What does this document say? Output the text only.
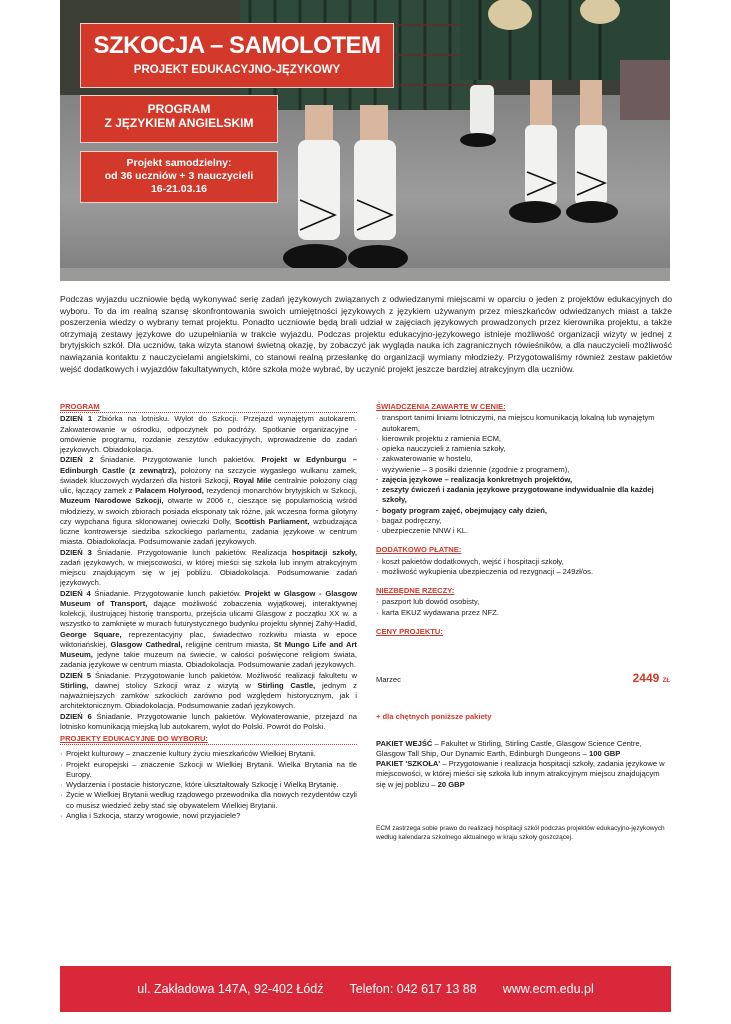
SZKOCJA – SAMOLOTEM
PROJEKT EDUKACYJNO-JĘZYKOWY
PROGRAM
Z JĘZYKIEM ANGIELSKIM
Projekt samodzielny:
od 36 uczniów + 3 nauczycieli
16-21.03.16
Podczas wyjazdu uczniowie będą wykonywać serię zadań językowych związanych z odwiedzanymi miejscami w oparciu o jeden z projektów edukacyjnych do wyboru. To da im realną szansę skonfrontowania swoich umiejętności językowych z językiem używanym przez mieszkańców odwiedzanych miast a także poszerzenia wiedzy o wybrany temat projektu. Ponadto uczniowie będą brali udział w zajęciach językowych prowadzonych przez kierownika projektu, a także otrzymają zestawy językowe do uzupełniania w trakcie wyjazdu. Podczas projektu edukacyjno-językowego istnieje możliwość organizacji wizyty w jednej z brytyjskich szkół. Dla uczniów, taka wizyta stanowi świetną okazję, by zobaczyć jak wygląda nauka ich zagranicznych rówieśników, a dla nauczycieli możliwość nawiązania kontaktu z nauczycielami angielskimi, co stanowi realną przesłankę do organizacji wymiany młodzieży. Przygotowaliśmy również zestaw pakietów wejść dodatkowych i wyjazdów fakultatywnych, które szkoła może wybrać, by uczynić projekt jeszcze bardziej atrakcyjnym dla uczniów.
PROGRAM

DZIEŃ 1 Zbiórka na lotnisku. Wylot do Szkocji. Przejazd wynajętym autokarem. Zakwaterowanie w ośrodku, odpoczynek po podróży. Spotkanie organizacyjne - omówienie programu, rozdanie zeszytów edukacyjnych, wprowadzenie do zadań językowych. Obiadokolacja.

DZIEŃ 2 Śniadanie. Przygotowanie lunch pakietów. Projekt w Edynburgu – Edinburgh Castle (z zewnątrz), położony na szczycie wygasłego wulkanu zamek, świadek kluczowych wydarzeń dla historii Szkocji, Royal Mile centralnie położony ciąg ulic, łączący zamek z Pałacem Holyrood, rezydencji monarchów brytyjskich w Szkocji, Muzeum Narodowe Szkocji, otwarte w 2006 r., cieszące się popularnością wśród młodzieży, w swoich zbiorach posiada eksponaty tak różne, jak wczesna forma gilotyny czy wypchana figura sklonowanej owieczki Dolly, Scottish Parliament, wzbudzająca liczne kontrowersje siedziba szkockiego parlamentu, zadania językowe w centrum miasta. Obiadokolacja. Podsumowanie zadań językowych.

DZIEŃ 3 Śniadanie. Przygotowanie lunch pakietów. Realizacja hospitacji szkoły, zadań językowych, w miejscowości, w której mieści się szkoła lub innym atrakcyjnym miejscu znajdującym się w jej pobliżu. Obiadokolacja. Podsumowanie zadań językowych.

DZIEŃ 4 Śniadanie. Przygotowanie lunch pakietów. Projekt w Glasgow - Glasgow Museum of Transport, dające możliwość zobaczenia wyjątkowej, interaktywnej kolekcji, ilustrującej historię transportu, przejścia ulicami Glasgow z początku XX w. a wszystko to zamknięte w murach futurystycznego budynku projektu słynnej Zahy-Hadid, George Square, reprezentacyjny plac, świadectwo rozkwitu miasta w epoce wiktoriańskiej, Glasgow Cathedral, religijne centrum miasta, St Mungo Life and Art Museum, jedyne takie muzeum na świecie, w całości poświęcone religiom świata, zadania językowe w centrum miasta. Obiadokolacja. Podsumowanie zadań językowych.

DZIEŃ 5 Śniadanie. Przygotowanie lunch pakietów. Możliwość realizacji fakultetu w Stirling, dawnej stolicy Szkocji wraz z wizytą w Stirling Castle, jednym z najważniejszych zamków szkockich zarówno pod względem historycznym, jak i architektonicznym. Obiadokolacja. Podsumowanie zadań językowych.

DZIEŃ 6 Śniadanie. Przygotowanie lunch pakietów. Wykwaterowanie, przejazd na lotnisko komunikacją miejską lub autokarem, wylot do Polski. Powrót do Polski.

PROJEKTY EDUKACYJNE DO WYBORU:
· Projekt kulturowy – znaczenie kultury życiu mieszkańców Wielkiej Brytanii.
· Projekt europejski – znaczenie Szkocji w Wielkiej Brytanii. Wielka Brytania na tle Europy.
· Wydarzenia i postacie historyczne, które ukształtowały Szkocję i Wielką Brytanię.
· Życie w Wielkiej Brytanii według rządowego przewodnika dla nowych rezydentów czyli co musisz wiedzieć żeby stać się obywatelem Wielkiej Brytanii.
· Anglia i Szkocja, starzy wrogowie, nowi przyjaciele?
ŚWIADCZENIA ZAWARTE W CENIE:
· transport tanimi liniami lotniczymi, na miejscu komunikacją lokalną lub wynajętym autokarem,
· kierownik projektu z ramienia ECM,
· opieka nauczycieli z ramienia szkoły,
· zakwaterowanie w hostelu,
· wyżywienie – 3 posiłki dziennie (zgodnie z programem),
· zajęcia językowe – realizacja konkretnych projektów,
· zeszyty ćwiczeń i zadania językowe przygotowane indywidualnie dla każdej szkoły,
· bogaty program zajęć, obejmujący cały dzień,
· bagaż podręczny,
· ubezpieczenie NNW i KL.
DODATKOWO PŁATNE:
· koszt pakietów dodatkowych, wejść i hospitacji szkoły,
· możliwość wykupienia ubezpieczenia od rezygnacji – 249zł/os.
NIEZBĘDNE RZECZY:
· paszport lub dowód osobisty,
· karta EKUZ wydawana przez NFZ.
CENY PROJEKTU:
Marzec	2449 ZŁ
+ dla chętnych poniższe pakiety

PAKIET WEJŚĆ – Fakultet w Stirling, Stirling Castle, Glasgow Science Centre, Glasgow Tall Ship, Our Dynamic Earth, Edinburgh Dungeons – 100 GBP

PAKIET 'SZKOŁA' – Przygotowanie i realizacja hospitacji szkoły, zadania językowe w miejscowości, w której mieści się szkoła lub innym atrakcyjnym miejscu znajdującym się w jej pobliżu – 20 GBP

ECM zastrzega sobie prawo do realizacji hospitacji szkół podczas projektów edukacyjno-językowych według kalendarza szkolnego aktualnego w kraju szkoły goszczącej.
ul. Zakładowa 147A, 92-402 Łódź Telefon: 042 617 13 88 www.ecm.edu.pl
